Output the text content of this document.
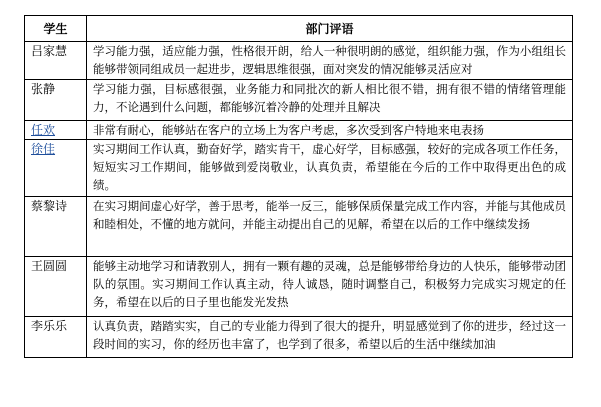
学生	部门评语
吕家慧	学习能力强，适应能力强，性格很开朗，给人一种很明朗的感觉，组织能力强，作为小组组长能够带领同组成员一起进步，逻辑思维很强，面对突发的情况能够灵活应对
张静	学习能力强，目标感很强，业务能力和同批次的新人相比很不错，拥有很不错的情绪管理能力，不论遇到什么问题，都能够沉着冷静的处理并且解决
任欢	非常有耐心，能够站在客户的立场上为客户考虑，多次受到客户特地来电表扬
徐佳	实习期间工作认真，勤奋好学，踏实肯干，虚心好学，目标感强，较好的完成各项工作任务，短短实习工作期间，能够做到爱岗敬业，认真负责，希望能在今后的工作中取得更出色的成绩。
蔡黎诗	在实习期间虚心好学，善于思考，能举一反三，能够保质保量完成工作内容，并能与其他成员和睦相处，不懂的地方就问，并能主动提出自己的见解，希望在以后的工作中继续发扬
王圆圆	能够主动地学习和请教别人，拥有一颗有趣的灵魂，总是能够带给身边的人快乐，能够带动团队的氛围。实习期间工作认真主动，待人诚恳，随时调整自己，积极努力完成实习规定的任务，希望在以后的日子里也能发光发热
李乐乐	认真负责，踏踏实实，自己的专业能力得到了很大的提升，明显感觉到了你的进步，经过这一段时间的实习，你的经历也丰富了，也学到了很多，希望以后的生活中继续加油
